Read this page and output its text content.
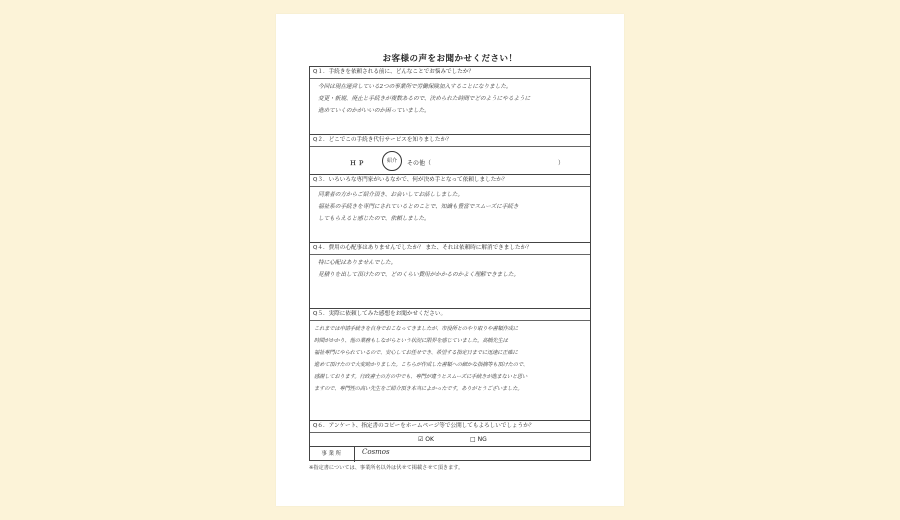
お客様の声をお聞かせください！
Q１．手続きを依頼される前に、どんなことでお悩みでしたか？
今回は現在運営している2つの事業所で労働保険加入することになりました。
変更・新規、廃止と手続きが複数あるので、決められた時間でどのようにやるように
進めていくのかがいいのか困っていました。
Q２．どこでこの手続き代行サービスを知りましたか？
ＨＰ	紹介	その他（	）
Q３．いろいろな専門家がいるなかで、何が決め手となって依頼しましたか？
同業者の方からご紹介頂き、お会いしてお話ししました。
福祉系の手続きを専門にされているとのことで、知識も豊富でスムーズに手続き
してもらえると感じたので、依頼しました。
Q４．費用の心配事はありませんでしたか？ また、それは依頼時に解消できましたか？
特に心配はありませんでした。
見積りを出して頂けたので、どのくらい費用がかかるのかよく理解できました。
Q５．実際に依頼してみた感想をお聞かせください。
これまでは申請手続きを自身でおこなってきましたが、市役所とのやり取りや書類作成に
時間がかかり、他の業務もしながらという状況に限界を感じていました。高橋先生は
福祉専門にやられているので、安心してお任せでき、希望する指定日までに迅速に正確に
進めて頂けたので大変助かりました。こちらが作成した書類への細かな指摘等も頂けたので、
感謝しております。行政書士の方の中でも、専門が違うとスムーズに手続きが進まないと思い
ますので、専門性の高い先生をご紹介頂き本当によかったです。ありがとうございました。
Q６．アンケート、指定書のコピーをホームページ等で公開してもよろしいでしょうか？
☑ OK	□ NG
事業所	Cosmos
※指定書については、事業所名以外は伏せて掲載させて頂きます。
